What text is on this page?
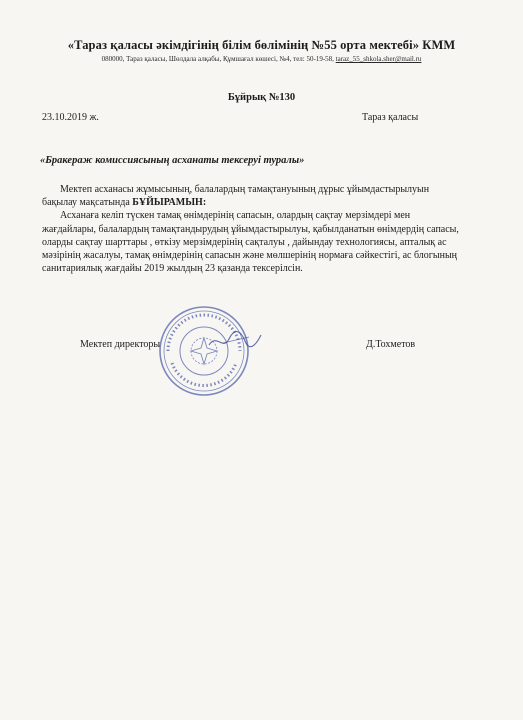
«Тараз қаласы әкімдігінің білім бөлімінің №55 орта мектебі» КММ
080000, Тараз қаласы, Шөлдала алқабы, Құмшағал көшесі, №4, тел: 50-19-58, taraz_55_shkola.sher@mail.ru
Бұйрық №130
23.10.2019 ж.	Тараз қаласы
«Бракераж комиссиясының асханаты тексеруі туралы»

Мектеп асханасы жұмысының, балалардың тамақтануының дұрыс ұйымдастырылуын бақылау мақсатында БҰЙЫРАМЫН:

Асханаға келіп түскен тамақ өнімдерінің сапасын, олардың сақтау мерзімдері мен жағдайлары, балалардың тамақтандырудың ұйымдастырылуы, қабылданатын өнімдердің сапасы, оларды сақтау шарттары , өткізу мерзімдерінің сақталуы , дайындау технологиясы, апталық ас мәзірінің жасалуы, тамақ өнімдерінің сапасын және мөлшерінің нормаға сәйкестігі, ас блогының санитариялық жағдайы 2019 жылдың 23 қазанда тексерілсін.

Мектеп директоры	Д.Тохметов
